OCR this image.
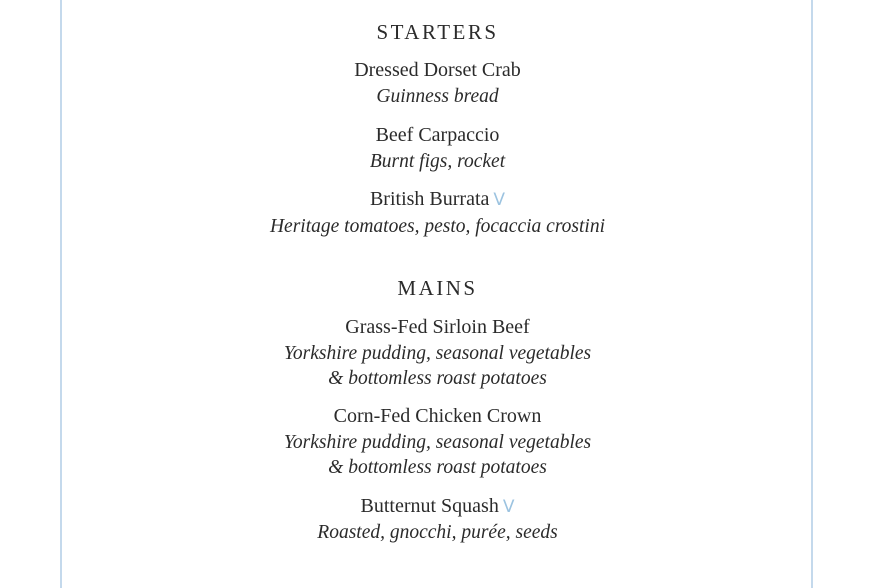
STARTERS
Dressed Dorset Crab
Guinness bread
Beef Carpaccio
Burnt figs, rocket
British Burrata V
Heritage tomatoes, pesto, focaccia crostini
MAINS
Grass-Fed Sirloin Beef
Yorkshire pudding, seasonal vegetables
& bottomless roast potatoes
Corn-Fed Chicken Crown
Yorkshire pudding, seasonal vegetables
& bottomless roast potatoes
Butternut Squash V
Roasted, gnocchi, purée, seeds
